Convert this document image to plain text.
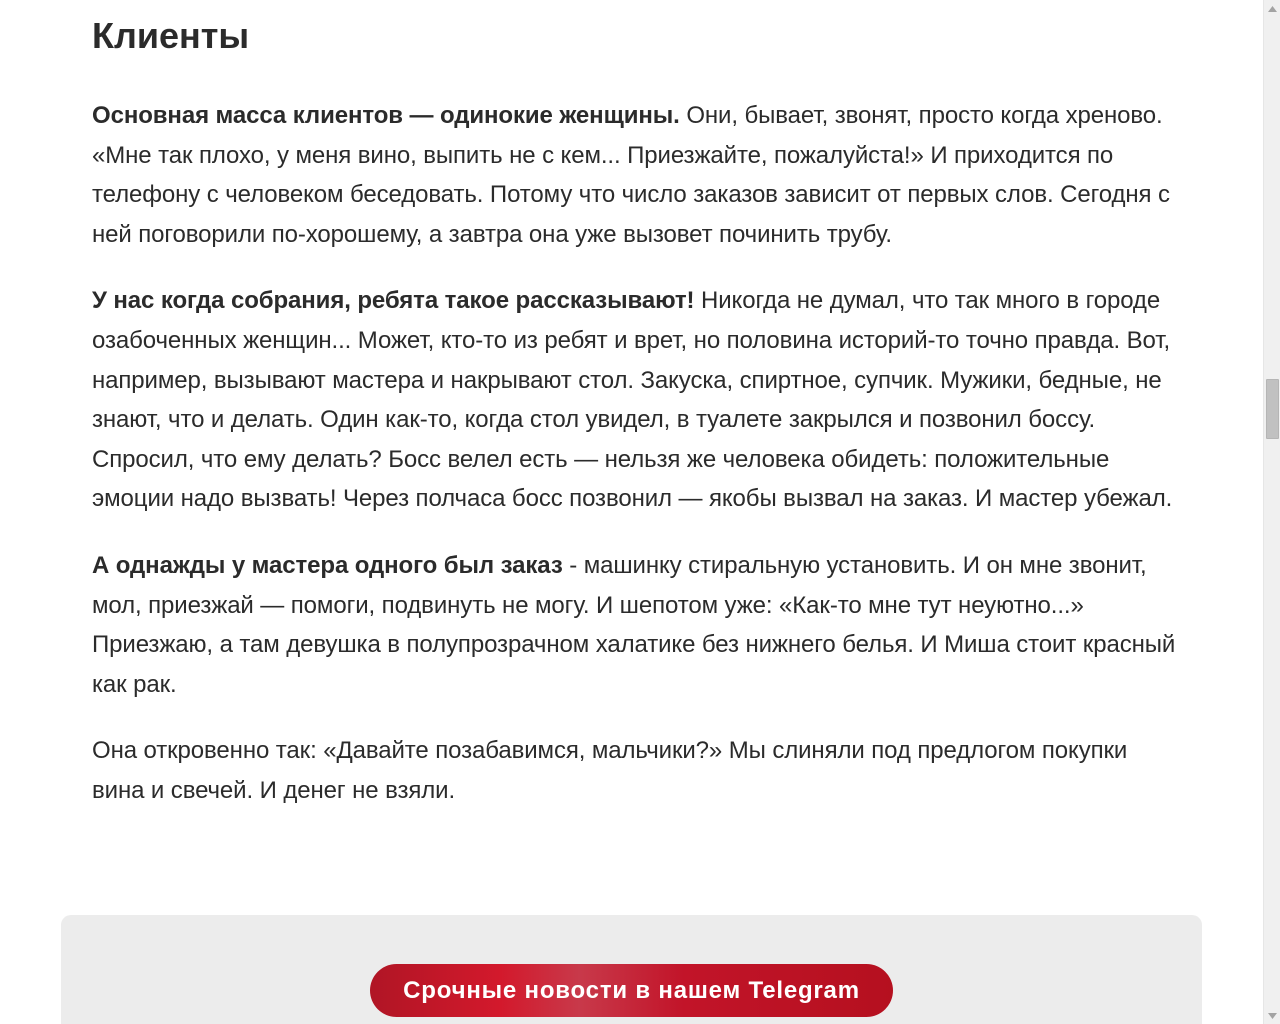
Клиенты

Основная масса клиентов — одинокие женщины. Они, бывает, звонят, просто когда хреново. «Мне так плохо, у меня вино, выпить не с кем... Приезжайте, пожалуйста!» И приходится по телефону с человеком беседовать. Потому что число заказов зависит от первых слов. Сегодня с ней поговорили по-хорошему, а завтра она уже вызовет починить трубу.

У нас когда собрания, ребята такое рассказывают! Никогда не думал, что так много в городе озабоченных женщин... Может, кто-то из ребят и врет, но половина историй-то точно правда. Вот, например, вызывают мастера и накрывают стол. Закуска, спиртное, супчик. Мужики, бедные, не знают, что и делать. Один как-то, когда стол увидел, в туалете закрылся и позвонил боссу. Спросил, что ему делать? Босс велел есть — нельзя же человека обидеть: положительные эмоции надо вызвать! Через полчаса босс позвонил — якобы вызвал на заказ. И мастер убежал.

А однажды у мастера одного был заказ - машинку стиральную установить. И он мне звонит, мол, приезжай — помоги, подвинуть не могу. И шепотом уже: «Как-то мне тут неуютно...» Приезжаю, а там девушка в полупрозрачном халатике без нижнего белья. И Миша стоит красный как рак.

Она откровенно так: «Давайте позабавимся, мальчики?» Мы слиняли под предлогом покупки вина и свечей. И денег не взяли.

Срочные новости в нашем Telegram
